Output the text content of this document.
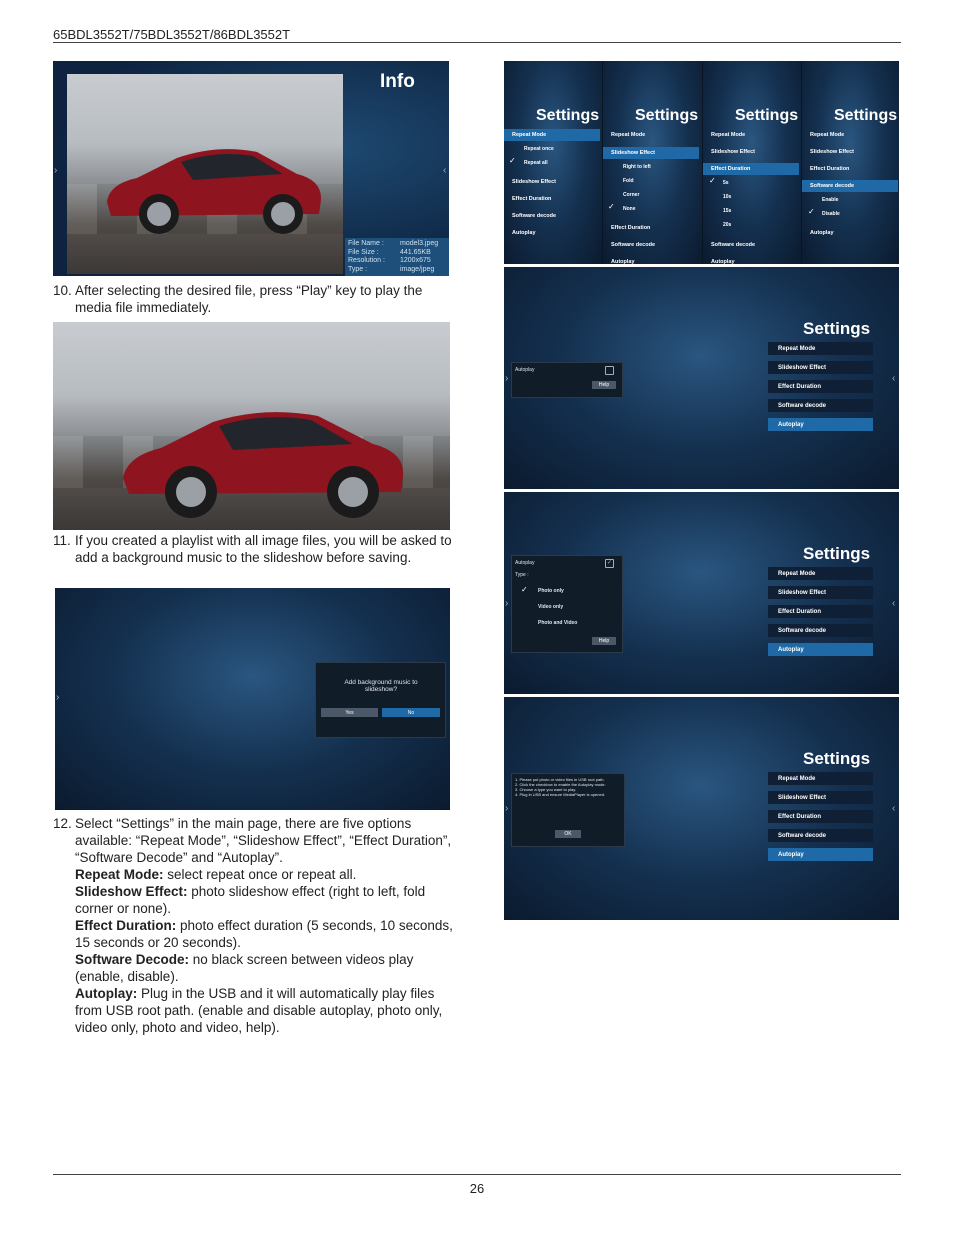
65BDL3552T/75BDL3552T/86BDL3552T
›	‹
Info
File Name :	model3.jpeg
File Size :	441.65KB
Resolution :	1200x675
Type :	image/jpeg
10. After selecting the desired file, press “Play” key to play the media file immediately.
11. If you created a playlist with all image files, you will be asked to add a background music to the slideshow before saving.
›
Add background music to slideshow?
Yes	No
12. Select “Settings” in the main page, there are five options available: “Repeat Mode”, “Slideshow Effect”, “Effect Duration”, “Software Decode” and “Autoplay”.
Repeat Mode: select repeat once or repeat all.
Slideshow Effect: photo slideshow effect (right to left, fold corner or none).
Effect Duration: photo effect duration (5 seconds, 10 seconds, 15 seconds or 20 seconds).
Software Decode: no black screen between videos play (enable, disable).
Autoplay: Plug in the USB and it will automatically play files from USB root path. (enable and disable autoplay, photo only, video only, photo and video, help).
Settings
Repeat Mode
Repeat once
Repeat all
✓
Slideshow Effect
Effect Duration
Software decode
Autoplay
Settings
Repeat Mode
Slideshow Effect
Right to left
Fold
Corner
None
✓
Effect Duration
Software decode
Autoplay
Settings
Repeat Mode
Slideshow Effect
Effect Duration
5s
✓
10s
15s
20s
Software decode
Autoplay
Settings
Repeat Mode
Slideshow Effect
Effect Duration
Software decode
Enable
Disable
✓
Autoplay
›	‹
Autoplay
Help
Settings
Repeat Mode
Slideshow Effect
Effect Duration
Software decode
Autoplay
›	‹
Autoplay	✓
Type :
✓ Photo only
Video only
Photo and Video
Help
Settings
Repeat Mode
Slideshow Effect
Effect Duration
Software decode
Autoplay
›	‹
1. Please put photo or video files in USB root path.
2. Click the checkbox to enable the Autoplay mode.
3. Choose a type you want to play.
4. Plug in USB and ensure MediaPlayer is opened.
OK
Settings
Repeat Mode
Slideshow Effect
Effect Duration
Software decode
Autoplay
26
